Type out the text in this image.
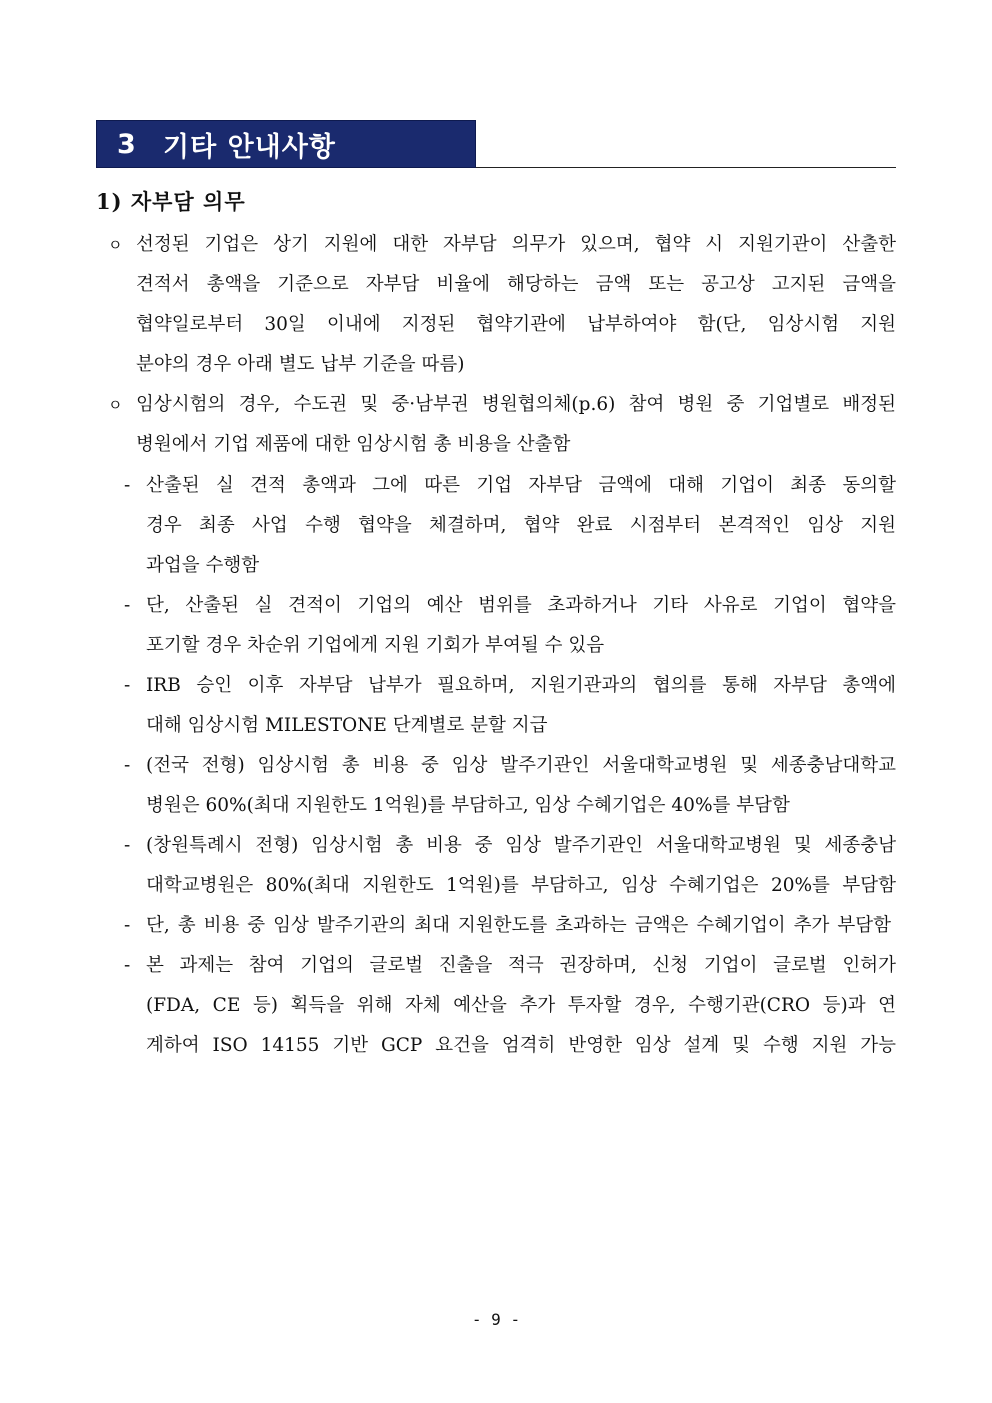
3 기타 안내사항
1) 자부담 의무
ㅇ 선정된 기업은 상기 지원에 대한 자부담 의무가 있으며, 협약 시 지원기관이 산출한
견적서 총액을 기준으로 자부담 비율에 해당하는 금액 또는 공고상 고지된 금액을
협약일로부터 30일 이내에 지정된 협약기관에 납부하여야 함(단, 임상시험 지원
분야의 경우 아래 별도 납부 기준을 따름)
ㅇ 임상시험의 경우, 수도권 및 중·남부권 병원협의체(p.6) 참여 병원 중 기업별로 배정된
병원에서 기업 제품에 대한 임상시험 총 비용을 산출함
- 산출된 실 견적 총액과 그에 따른 기업 자부담 금액에 대해 기업이 최종 동의할
경우 최종 사업 수행 협약을 체결하며, 협약 완료 시점부터 본격적인 임상 지원
과업을 수행함
- 단, 산출된 실 견적이 기업의 예산 범위를 초과하거나 기타 사유로 기업이 협약을
포기할 경우 차순위 기업에게 지원 기회가 부여될 수 있음
- IRB 승인 이후 자부담 납부가 필요하며, 지원기관과의 협의를 통해 자부담 총액에
대해 임상시험 MILESTONE 단계별로 분할 지급
- (전국 전형) 임상시험 총 비용 중 임상 발주기관인 서울대학교병원 및 세종충남대학교
병원은 60%(최대 지원한도 1억원)를 부담하고, 임상 수혜기업은 40%를 부담함
- (창원특례시 전형) 임상시험 총 비용 중 임상 발주기관인 서울대학교병원 및 세종충남
대학교병원은 80%(최대 지원한도 1억원)를 부담하고, 임상 수혜기업은 20%를 부담함
- 단, 총 비용 중 임상 발주기관의 최대 지원한도를 초과하는 금액은 수혜기업이 추가 부담함
- 본 과제는 참여 기업의 글로벌 진출을 적극 권장하며, 신청 기업이 글로벌 인허가
(FDA, CE 등) 획득을 위해 자체 예산을 추가 투자할 경우, 수행기관(CRO 등)과 연
계하여 ISO 14155 기반 GCP 요건을 엄격히 반영한 임상 설계 및 수행 지원 가능
- 9 -
